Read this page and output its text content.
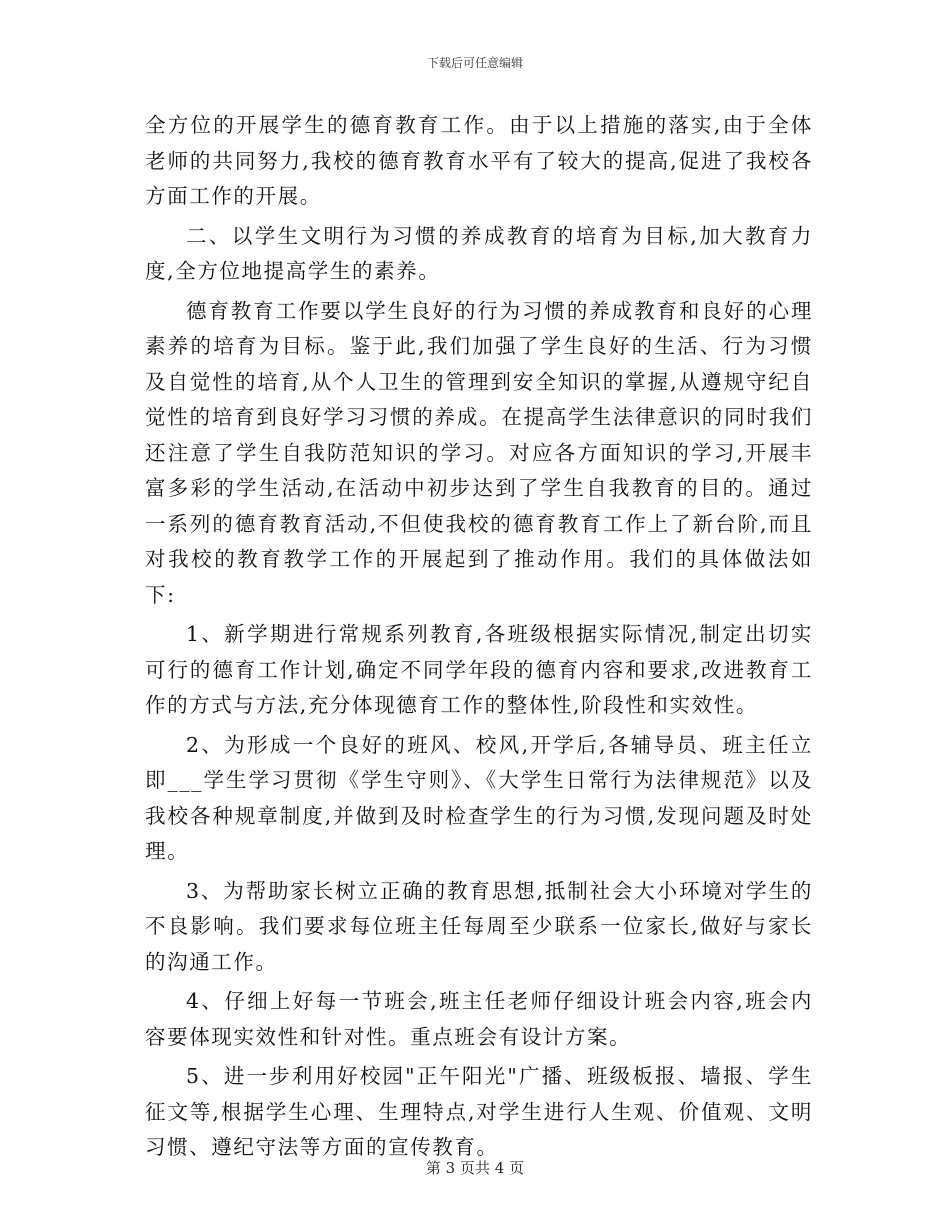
下载后可任意编辑

全方位的开展学生的德育教育工作。由于以上措施的落实,由于全体老师的共同努力,我校的德育教育水平有了较大的提高,促进了我校各方面工作的开展。

二、以学生文明行为习惯的养成教育的培育为目标,加大教育力度,全方位地提高学生的素养。

德育教育工作要以学生良好的行为习惯的养成教育和良好的心理素养的培育为目标。鉴于此,我们加强了学生良好的生活、行为习惯及自觉性的培育,从个人卫生的管理到安全知识的掌握,从遵规守纪自觉性的培育到良好学习习惯的养成。在提高学生法律意识的同时我们还注意了学生自我防范知识的学习。对应各方面知识的学习,开展丰富多彩的学生活动,在活动中初步达到了学生自我教育的目的。通过一系列的德育教育活动,不但使我校的德育教育工作上了新台阶,而且对我校的教育教学工作的开展起到了推动作用。我们的具体做法如下:

1、新学期进行常规系列教育,各班级根据实际情况,制定出切实可行的德育工作计划,确定不同学年段的德育内容和要求,改进教育工作的方式与方法,充分体现德育工作的整体性,阶段性和实效性。

2、为形成一个良好的班风、校风,开学后,各辅导员、班主任立即___学生学习贯彻《学生守则》、《大学生日常行为法律规范》以及我校各种规章制度,并做到及时检查学生的行为习惯,发现问题及时处理。

3、为帮助家长树立正确的教育思想,抵制社会大小环境对学生的不良影响。我们要求每位班主任每周至少联系一位家长,做好与家长的沟通工作。

4、仔细上好每一节班会,班主任老师仔细设计班会内容,班会内容要体现实效性和针对性。重点班会有设计方案。

5、进一步利用好校园"正午阳光"广播、班级板报、墙报、学生征文等,根据学生心理、生理特点,对学生进行人生观、价值观、文明习惯、遵纪守法等方面的宣传教育。

第 3 页共 4 页
